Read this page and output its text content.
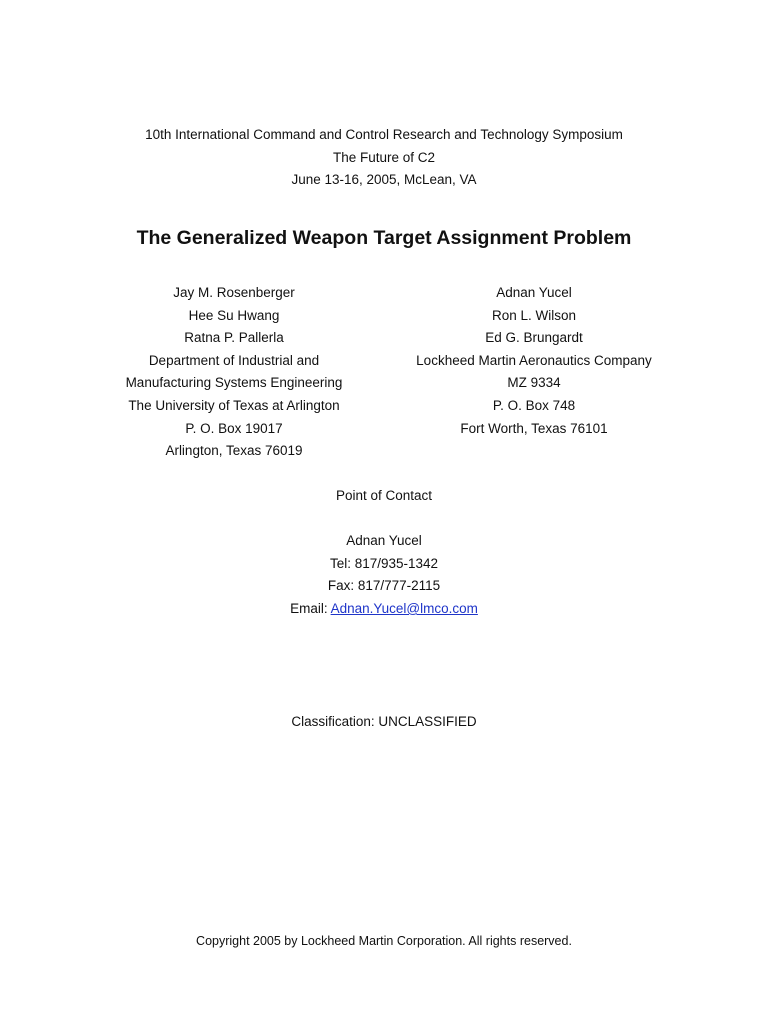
10th International Command and Control Research and Technology Symposium
The Future of C2
June 13-16, 2005, McLean, VA
The Generalized Weapon Target Assignment Problem
Jay M. Rosenberger
Hee Su Hwang
Ratna P. Pallerla
Department of Industrial and
Manufacturing Systems Engineering
The University of Texas at Arlington
P. O. Box 19017
Arlington, Texas 76019
Adnan Yucel
Ron L. Wilson
Ed G. Brungardt
Lockheed Martin Aeronautics Company
MZ 9334
P. O. Box 748
Fort Worth, Texas 76101
Point of Contact
Adnan Yucel
Tel: 817/935-1342
Fax: 817/777-2115
Email: Adnan.Yucel@lmco.com
Classification: UNCLASSIFIED
Copyright 2005 by Lockheed Martin Corporation. All rights reserved.
